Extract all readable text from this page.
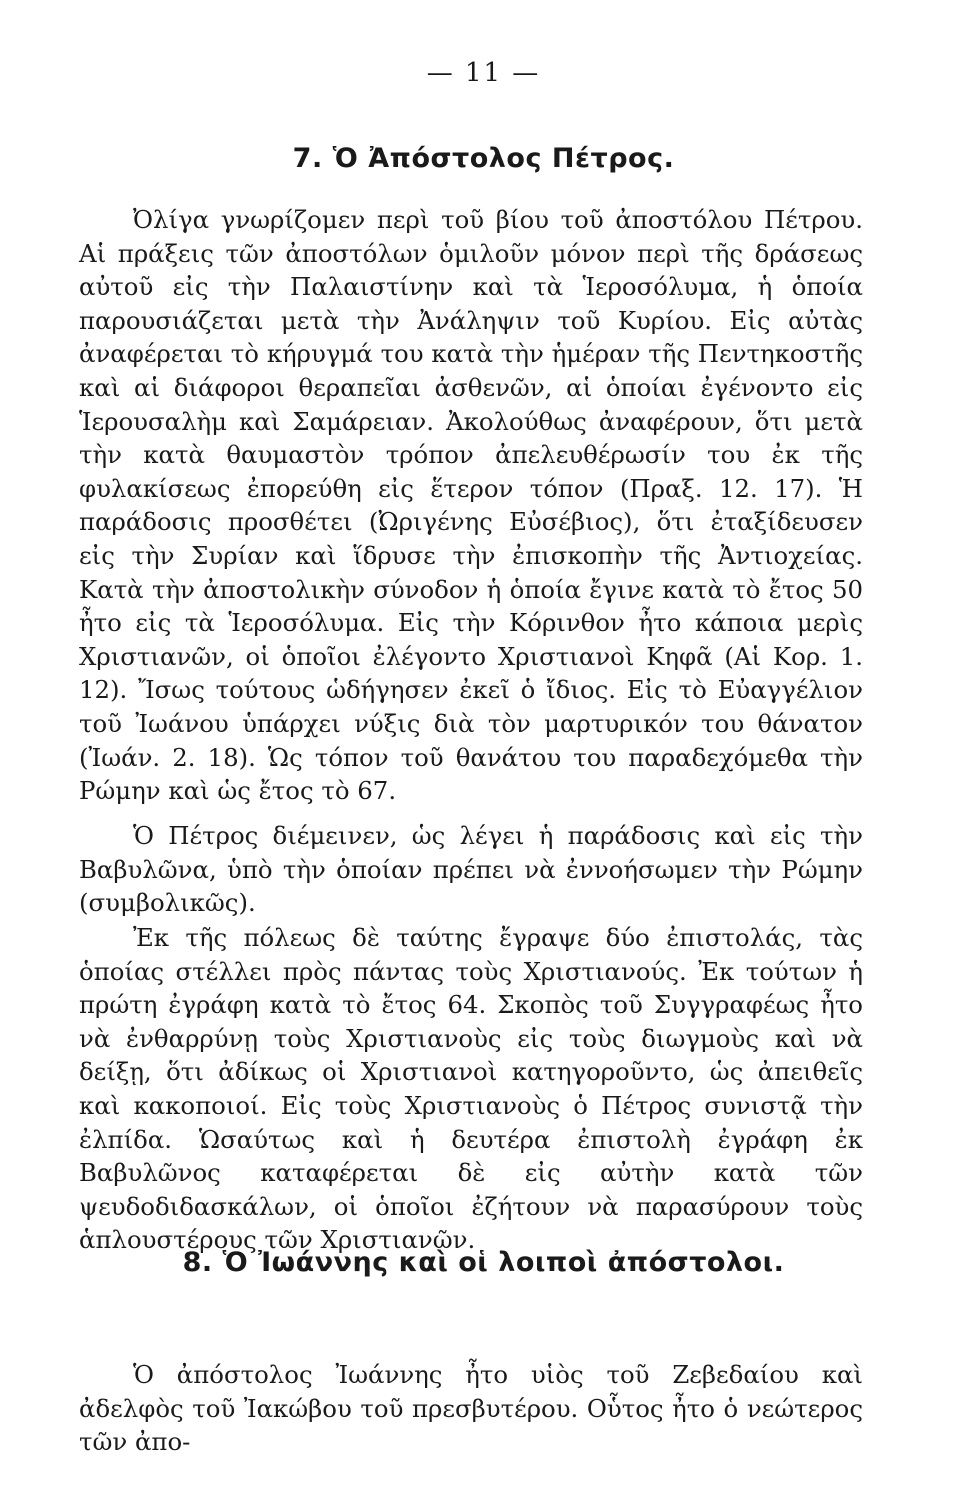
— 11 —
7. Ὁ Ἀπόστολος Πέτρος.

Ὀλίγα γνωρίζομεν περὶ τοῦ βίου τοῦ ἀποστόλου Πέτρου. Αἱ πράξεις τῶν ἀποστόλων ὁμιλοῦν μόνον περὶ τῆς δράσεως αὐτοῦ εἰς τὴν Παλαιστίνην καὶ τὰ Ἱεροσόλυμα, ἡ ὁποία παρουσιάζεται μετὰ τὴν Ἀνάληψιν τοῦ Κυρίου. Εἰς αὐτὰς ἀναφέρεται τὸ κήρυγμά του κατὰ τὴν ἡμέραν τῆς Πεντηκοστῆς καὶ αἱ διάφοροι θεραπεῖαι ἀσθενῶν, αἱ ὁποίαι ἐγένοντο εἰς Ἱερουσαλὴμ καὶ Σαμάρειαν. Ἀκολούθως ἀναφέρουν, ὅτι μετὰ τὴν κατὰ θαυμαστὸν τρόπον ἀπελευθέρωσίν του ἐκ τῆς φυλακίσεως ἐπορεύθη εἰς ἕτερον τόπον (Πραξ. 12. 17). Ἡ παράδοσις προσθέτει (Ὠριγένης Εὐσέβιος), ὅτι ἐταξίδευσεν εἰς τὴν Συρίαν καὶ ἵδρυσε τὴν ἐπισκοπὴν τῆς Ἀντιοχείας. Κατὰ τὴν ἀποστολικὴν σύνοδον ἡ ὁποία ἔγινε κατὰ τὸ ἔτος 50 ἦτο εἰς τὰ Ἱεροσόλυμα. Εἰς τὴν Κόρινθον ἦτο κάποια μερὶς Χριστιανῶν, οἱ ὁποῖοι ἐλέγοντο Χριστιανοὶ Κηφᾶ (Αἱ Κορ. 1. 12). Ἴσως τούτους ὡδήγησεν ἐκεῖ ὁ ἴδιος. Εἰς τὸ Εὐαγγέλιον τοῦ Ἰωάνου ὑπάρχει νύξις διὰ τὸν μαρτυρικόν του θάνατον (Ἰωάν. 2. 18). Ὡς τόπον τοῦ θανάτου του παραδεχόμεθα τὴν Ρώμην καὶ ὡς ἔτος τὸ 67.

Ὁ Πέτρος διέμεινεν, ὡς λέγει ἡ παράδοσις καὶ εἰς τὴν Βαβυλῶνα, ὑπὸ τὴν ὁποίαν πρέπει νὰ ἐννοήσωμεν τὴν Ρώμην (συμβολικῶς).

Ἐκ τῆς πόλεως δὲ ταύτης ἔγραψε δύο ἐπιστολάς, τὰς ὁποίας στέλλει πρὸς πάντας τοὺς Χριστιανούς. Ἐκ τούτων ἡ πρώτη ἐγράφη κατὰ τὸ ἔτος 64. Σκοπὸς τοῦ Συγγραφέως ἦτο νὰ ἐνθαρρύνῃ τοὺς Χριστιανοὺς εἰς τοὺς διωγμοὺς καὶ νὰ δείξῃ, ὅτι ἀδίκως οἱ Χριστιανοὶ κατηγοροῦντο, ὡς ἀπειθεῖς καὶ κακοποιοί. Εἰς τοὺς Χριστιανοὺς ὁ Πέτρος συνιστᾷ τὴν ἐλπίδα. Ὡσαύτως καὶ ἡ δευτέρα ἐπιστολὴ ἐγράφη ἐκ Βαβυλῶνος καταφέρεται δὲ εἰς αὐτὴν κατὰ τῶν ψευδοδιδασκάλων, οἱ ὁποῖοι ἐζήτουν νὰ παρασύρουν τοὺς ἁπλουστέρους τῶν Χριστιανῶν.

8. Ὁ Ἰωάννης καὶ οἱ λοιποὶ ἀπόστολοι.

Ὁ ἀπόστολος Ἰωάννης ἦτο υἱὸς τοῦ Ζεβεδαίου καὶ ἀδελφὸς τοῦ Ἰακώβου τοῦ πρεσβυτέρου. Οὗτος ἦτο ὁ νεώτερος τῶν ἀπο-
